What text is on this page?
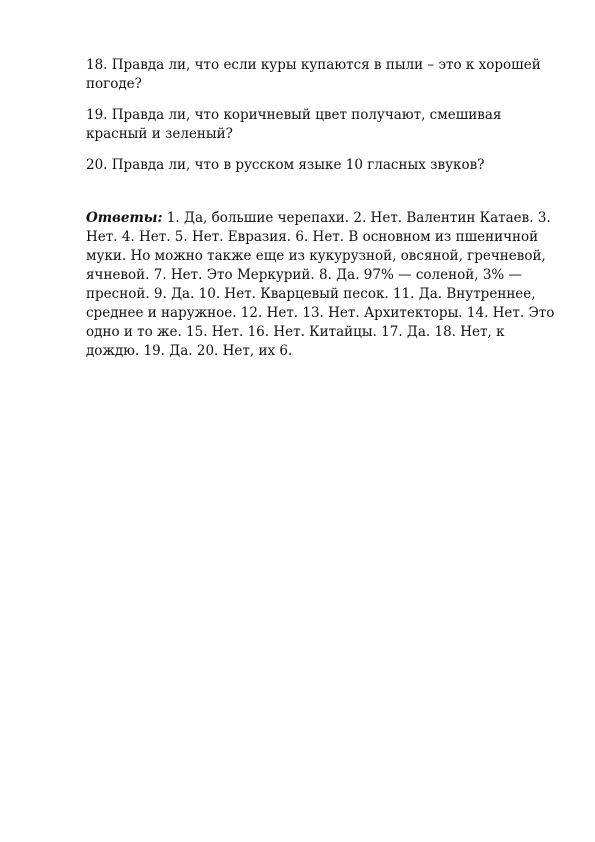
18. Правда ли, что если куры купаются в пыли – это к хорошей погоде?

19. Правда ли, что коричневый цвет получают, смешивая красный и зеленый?

20. Правда ли, что в русском языке 10 гласных звуков?

Ответы: 1. Да, большие черепахи. 2. Нет. Валентин Катаев. 3. Нет. 4. Нет. 5. Нет. Евразия. 6. Нет. В основном из пшеничной муки. Но можно также еще из кукурузной, овсяной, гречневой, ячневой. 7. Нет. Это Меркурий. 8. Да. 97% — соленой, 3% — пресной. 9. Да. 10. Нет. Кварцевый песок. 11. Да. Внутреннее, среднее и наружное. 12. Нет. 13. Нет. Архитекторы. 14. Нет. Это одно и то же. 15. Нет. 16. Нет. Китайцы. 17. Да. 18. Нет, к дождю. 19. Да. 20. Нет, их 6.
